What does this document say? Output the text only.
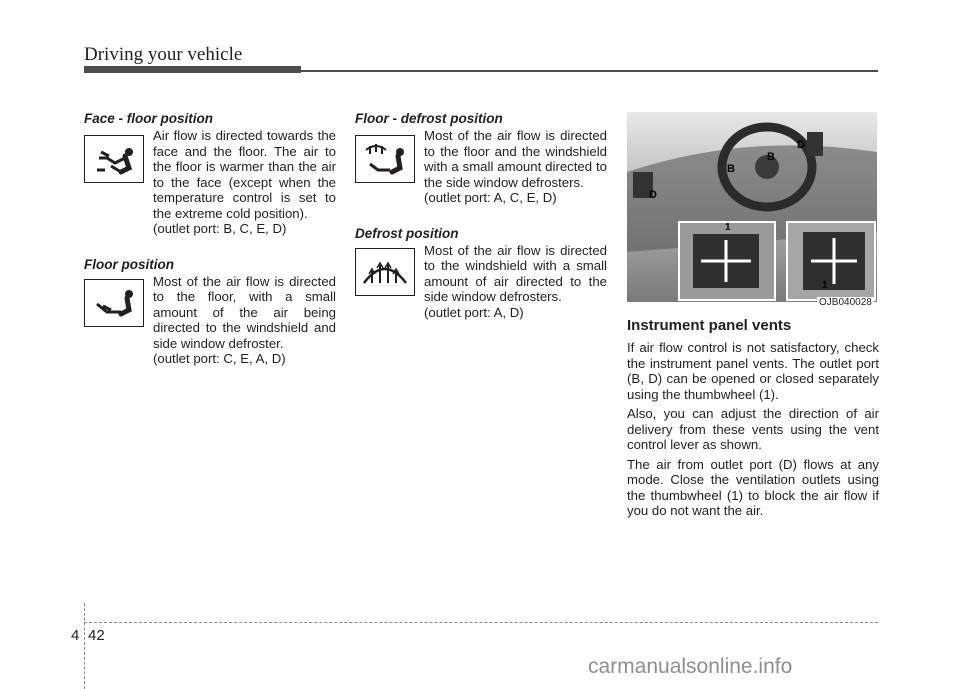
Driving your vehicle
Face - floor position
Air flow is directed towards the face and the floor. The air to the floor is warmer than the air to the face (except when the temperature control is set to the extreme cold position).
(outlet port: B, C, E, D)
Floor position
Most of the air flow is directed to the floor, with a small amount of the air being directed to the windshield and side window defroster.
(outlet port: C, E, A, D)
Floor - defrost position
Most of the air flow is directed to the floor and the windshield with a small amount directed to the side window defrosters.
(outlet port: A, C, E, D)
Defrost position
Most of the air flow is directed to the windshield with a small amount of air directed to the side window defrosters.
(outlet port: A, D)
1
1
B
B
D
D
OJB040028
Instrument panel vents

If air flow control is not satisfactory, check the instrument panel vents. The outlet port (B, D) can be opened or closed separately using the thumbwheel (1).

Also, you can adjust the direction of air delivery from these vents using the vent control lever as shown.

The air from outlet port (D) flows at any mode. Close the ventilation outlets using the thumbwheel (1) to block the air flow if you do not want the air.

4 42
carmanualsonline.info
